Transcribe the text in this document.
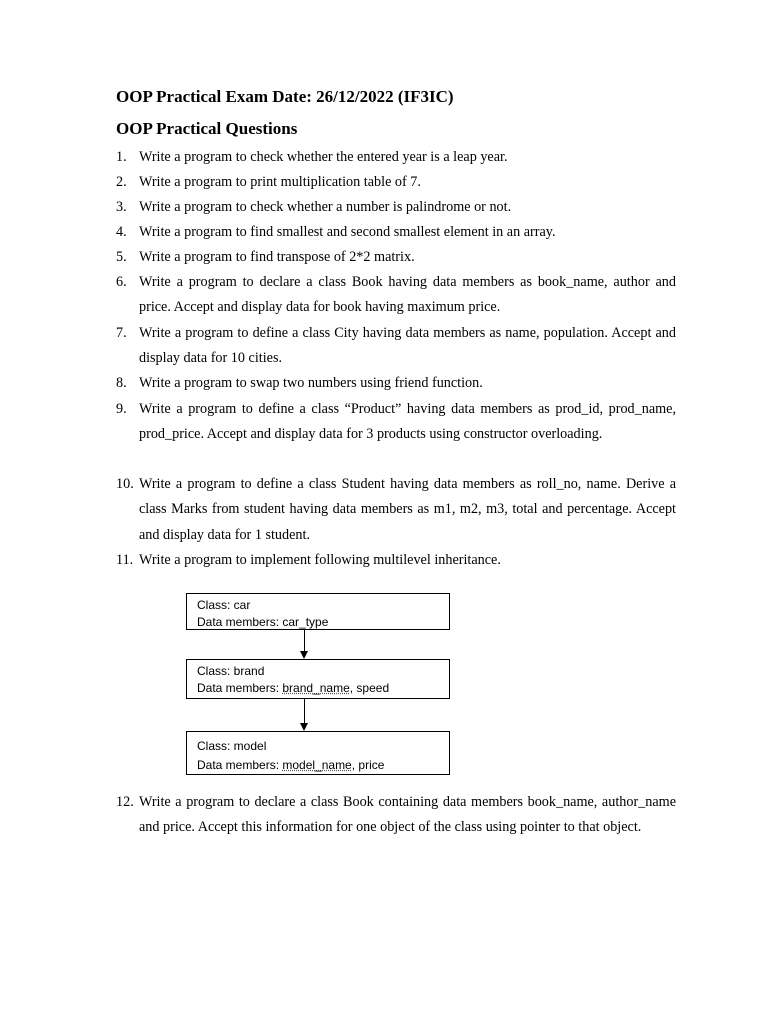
OOP Practical Exam Date: 26/12/2022 (IF3IC)
OOP Practical Questions
1. Write a program to check whether the entered year is a leap year.
2. Write a program to print multiplication table of 7.
3. Write a program to check whether a number is palindrome or not.
4. Write a program to find smallest and second smallest element in an array.
5. Write a program to find transpose of 2*2 matrix.
6. Write a program to declare a class Book having data members as book_name, author and price. Accept and display data for book having maximum price.
7. Write a program to define a class City having data members as name, population. Accept and display data for 10 cities.
8. Write a program to swap two numbers using friend function.
9. Write a program to define a class “Product” having data members as prod_id, prod_name, prod_price. Accept and display data for 3 products using constructor overloading.
10. Write a program to define a class Student having data members as roll_no, name. Derive a class Marks from student having data members as m1, m2, m3, total and percentage. Accept and display data for 1 student.
11. Write a program to implement following multilevel inheritance.
Class: car
Data members: car_type
Class: brand
Data members: brand_name, speed
Class: model
Data members: model_name, price
12. Write a program to declare a class Book containing data members book_name, author_name and price. Accept this information for one object of the class using pointer to that object.
